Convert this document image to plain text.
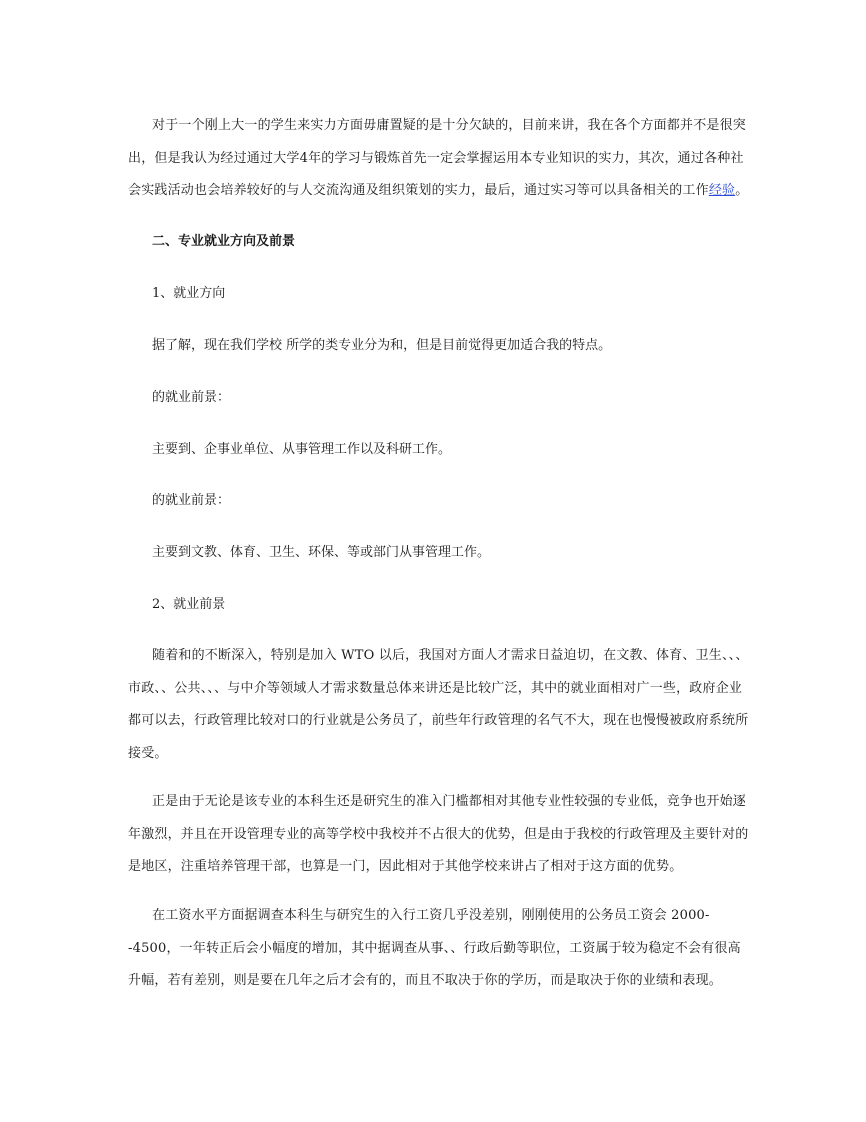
对于一个刚上大一的学生来实力方面毋庸置疑的是十分欠缺的，目前来讲，我在各个方面都并不是很突出，但是我认为经过通过大学4年的学习与锻炼首先一定会掌握运用本专业知识的实力，其次，通过各种社会实践活动也会培养较好的与人交流沟通及组织策划的实力，最后，通过实习等可以具备相关的工作经验。

二、专业就业方向及前景

1、就业方向

据了解，现在我们学校 所学的类专业分为和，但是目前觉得更加适合我的特点。

的就业前景：

主要到、企事业单位、从事管理工作以及科研工作。

的就业前景：

主要到文教、体育、卫生、环保、等或部门从事管理工作。

2、就业前景

随着和的不断深入，特别是加入 WTO 以后，我国对方面人才需求日益迫切，在文教、体育、卫生、、、市政、、公共、、、与中介等领域人才需求数量总体来讲还是比较广泛，其中的就业面相对广一些，政府企业都可以去，行政管理比较对口的行业就是公务员了，前些年行政管理的名气不大，现在也慢慢被政府系统所接受。

正是由于无论是该专业的本科生还是研究生的准入门槛都相对其他专业性较强的专业低，竞争也开始逐年激烈，并且在开设管理专业的高等学校中我校并不占很大的优势，但是由于我校的行政管理及主要针对的是地区，注重培养管理干部，也算是一门，因此相对于其他学校来讲占了相对于这方面的优势。

在工资水平方面据调查本科生与研究生的入行工资几乎没差别，刚刚使用的公务员工资会 2000--4500，一年转正后会小幅度的增加，其中据调查从事、、行政后勤等职位，工资属于较为稳定不会有很高升幅，若有差别，则是要在几年之后才会有的，而且不取决于你的学历，而是取决于你的业绩和表现。
